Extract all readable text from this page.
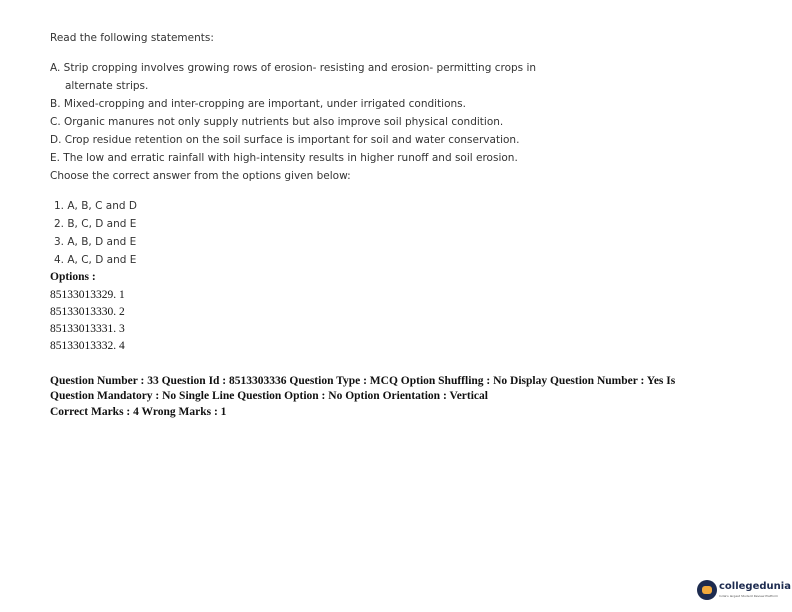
Read the following statements:
A. Strip cropping involves growing rows of erosion- resisting and erosion- permitting crops in
alternate strips.
B. Mixed-cropping and inter-cropping are important, under irrigated conditions.
C. Organic manures not only supply nutrients but also improve soil physical condition.
D. Crop residue retention on the soil surface is important for soil and water conservation.
E. The low and erratic rainfall with high-intensity results in higher runoff and soil erosion.
Choose the correct answer from the options given below:
1. A, B, C and D
2. B, C, D and E
3. A, B, D and E
4. A, C, D and E
Options :
85133013329. 1
85133013330. 2
85133013331. 3
85133013332. 4
Question Number : 33 Question Id : 8513303336 Question Type : MCQ Option Shuffling : No Display Question Number : Yes Is
Question Mandatory : No Single Line Question Option : No Option Orientation : Vertical
Correct Marks : 4 Wrong Marks : 1
collegedunia
India's largest Student Review Platform
